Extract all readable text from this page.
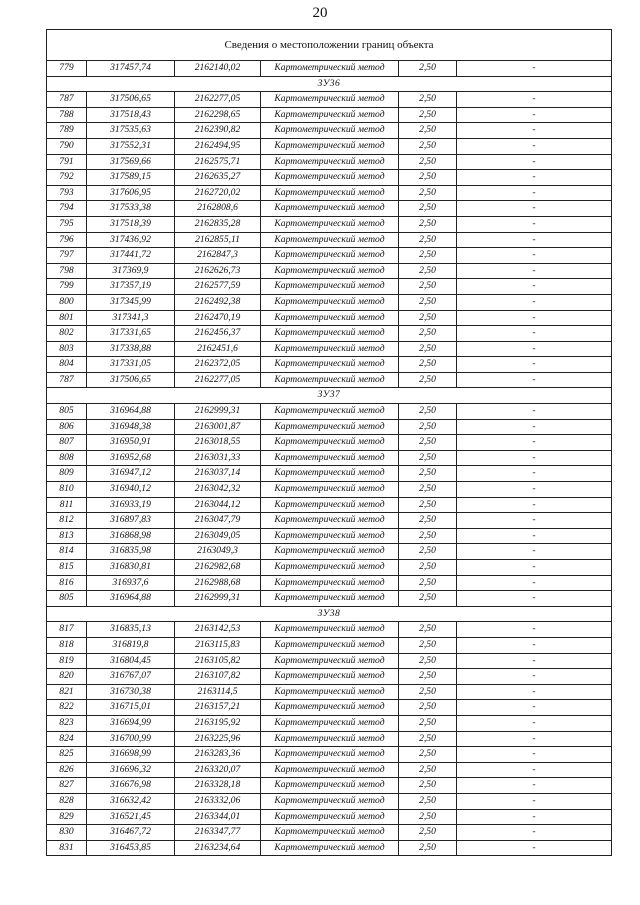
20
Сведения о местоположении границ объекта					
779	317457,74	2162140,02	Картометрический метод	2,50	-
ЗУ36					
787	317506,65	2162277,05	Картометрический метод	2,50	-
788	317518,43	2162298,65	Картометрический метод	2,50	-
789	317535,63	2162390,82	Картометрический метод	2,50	-
790	317552,31	2162494,95	Картометрический метод	2,50	-
791	317569,66	2162575,71	Картометрический метод	2,50	-
792	317589,15	2162635,27	Картометрический метод	2,50	-
793	317606,95	2162720,02	Картометрический метод	2,50	-
794	317533,38	2162808,6	Картометрический метод	2,50	-
795	317518,39	2162835,28	Картометрический метод	2,50	-
796	317436,92	2162855,11	Картометрический метод	2,50	-
797	317441,72	2162847,3	Картометрический метод	2,50	-
798	317369,9	2162626,73	Картометрический метод	2,50	-
799	317357,19	2162577,59	Картометрический метод	2,50	-
800	317345,99	2162492,38	Картометрический метод	2,50	-
801	317341,3	2162470,19	Картометрический метод	2,50	-
802	317331,65	2162456,37	Картометрический метод	2,50	-
803	317338,88	2162451,6	Картометрический метод	2,50	-
804	317331,05	2162372,05	Картометрический метод	2,50	-
787	317506,65	2162277,05	Картометрический метод	2,50	-
ЗУ37					
805	316964,88	2162999,31	Картометрический метод	2,50	-
806	316948,38	2163001,87	Картометрический метод	2,50	-
807	316950,91	2163018,55	Картометрический метод	2,50	-
808	316952,68	2163031,33	Картометрический метод	2,50	-
809	316947,12	2163037,14	Картометрический метод	2,50	-
810	316940,12	2163042,32	Картометрический метод	2,50	-
811	316933,19	2163044,12	Картометрический метод	2,50	-
812	316897,83	2163047,79	Картометрический метод	2,50	-
813	316868,98	2163049,05	Картометрический метод	2,50	-
814	316835,98	2163049,3	Картометрический метод	2,50	-
815	316830,81	2162982,68	Картометрический метод	2,50	-
816	316937,6	2162988,68	Картометрический метод	2,50	-
805	316964,88	2162999,31	Картометрический метод	2,50	-
ЗУ38					
817	316835,13	2163142,53	Картометрический метод	2,50	-
818	316819,8	2163115,83	Картометрический метод	2,50	-
819	316804,45	2163105,82	Картометрический метод	2,50	-
820	316767,07	2163107,82	Картометрический метод	2,50	-
821	316730,38	2163114,5	Картометрический метод	2,50	-
822	316715,01	2163157,21	Картометрический метод	2,50	-
823	316694,99	2163195,92	Картометрический метод	2,50	-
824	316700,99	2163225,96	Картометрический метод	2,50	-
825	316698,99	2163283,36	Картометрический метод	2,50	-
826	316696,32	2163320,07	Картометрический метод	2,50	-
827	316676,98	2163328,18	Картометрический метод	2,50	-
828	316632,42	2163332,06	Картометрический метод	2,50	-
829	316521,45	2163344,01	Картометрический метод	2,50	-
830	316467,72	2163347,77	Картометрический метод	2,50	-
831	316453,85	2163234,64	Картометрический метод	2,50	-
